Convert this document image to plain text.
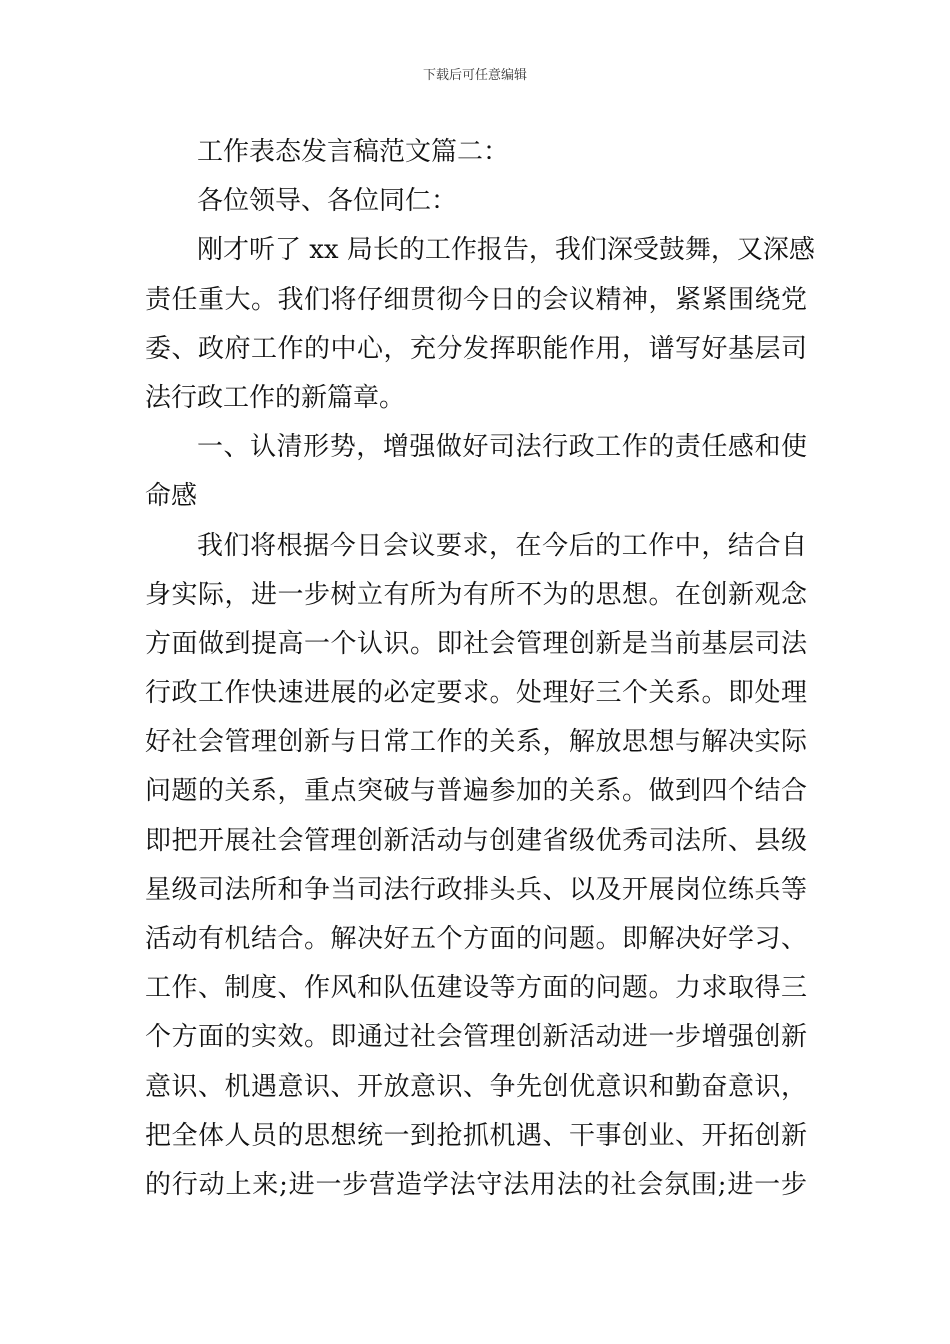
下载后可任意编辑
工作表态发言稿范文篇二：
各位领导、各位同仁：
刚才听了 xx 局长的工作报告，我们深受鼓舞，又深感
责任重大。我们将仔细贯彻今日的会议精神，紧紧围绕党
委、政府工作的中心，充分发挥职能作用，谱写好基层司
法行政工作的新篇章。
一、认清形势，增强做好司法行政工作的责任感和使
命感
我们将根据今日会议要求，在今后的工作中，结合自
身实际，进一步树立有所为有所不为的思想。在创新观念
方面做到提高一个认识。即社会管理创新是当前基层司法
行政工作快速进展的必定要求。处理好三个关系。即处理
好社会管理创新与日常工作的关系，解放思想与解决实际
问题的关系，重点突破与普遍参加的关系。做到四个结合
即把开展社会管理创新活动与创建省级优秀司法所、县级
星级司法所和争当司法行政排头兵、以及开展岗位练兵等
活动有机结合。解决好五个方面的问题。即解决好学习、
工作、制度、作风和队伍建设等方面的问题。力求取得三
个方面的实效。即通过社会管理创新活动进一步增强创新
意识、机遇意识、开放意识、争先创优意识和勤奋意识，
把全体人员的思想统一到抢抓机遇、干事创业、开拓创新
的行动上来;进一步营造学法守法用法的社会氛围;进一步
